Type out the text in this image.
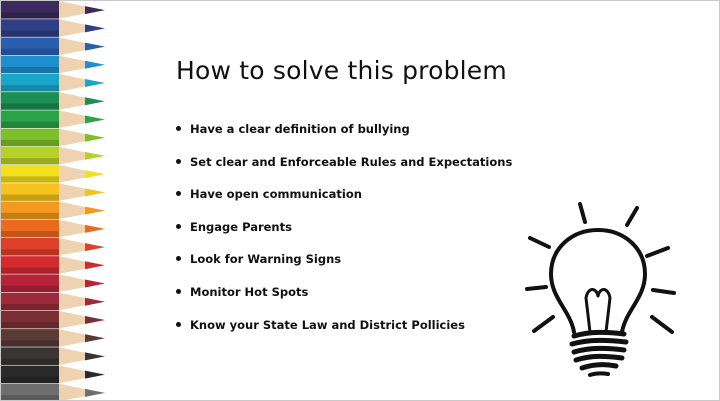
How to solve this problem
Have a clear definition of bullying
Set clear and Enforceable Rules and Expectations
Have open communication
Engage Parents
Look for Warning Signs
Monitor Hot Spots
Know your State Law and District Pollicies
